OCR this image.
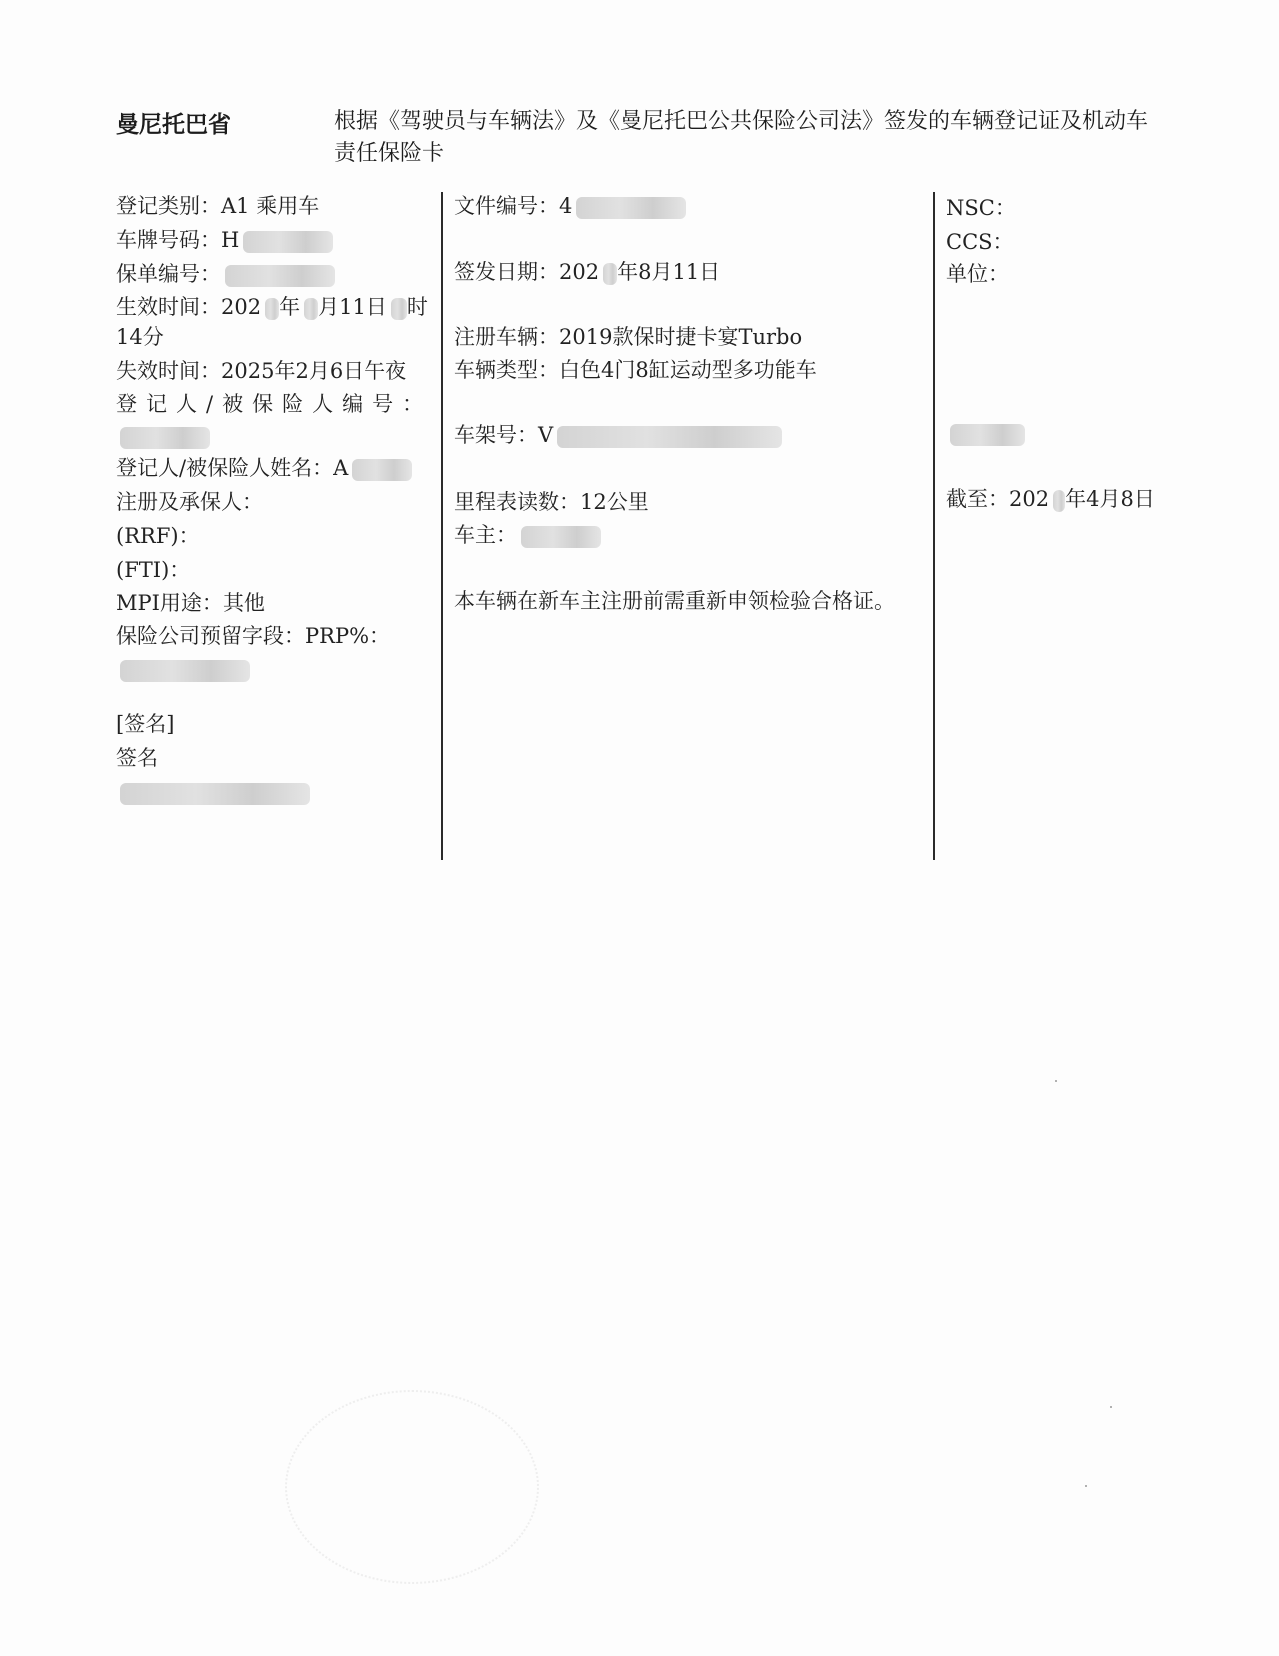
曼尼托巴省	根据《驾驶员与车辆法》及《曼尼托巴公共保险公司法》签发的车辆登记证及机动车责任保险卡
登记类别：A1 乘用车
车牌号码：H
保单编号：
生效时间：202 年 月11日 时
14分
失效时间：2025年2月6日午夜
登记人/被保险人编号：
登记人/被保险人姓名：A
注册及承保人：
(RRF)：
(FTI)：
MPI用途：其他
保险公司预留字段：PRP%：
[签名]
签名
文件编号：4
签发日期：202 年8月11日
注册车辆：2019款保时捷卡宴Turbo
车辆类型：白色4门8缸运动型多功能车
车架号：V
里程表读数：12公里
车主：
本车辆在新车主注册前需重新申领检验合格证。
NSC：
CCS：
单位：
截至：202 年4月8日
